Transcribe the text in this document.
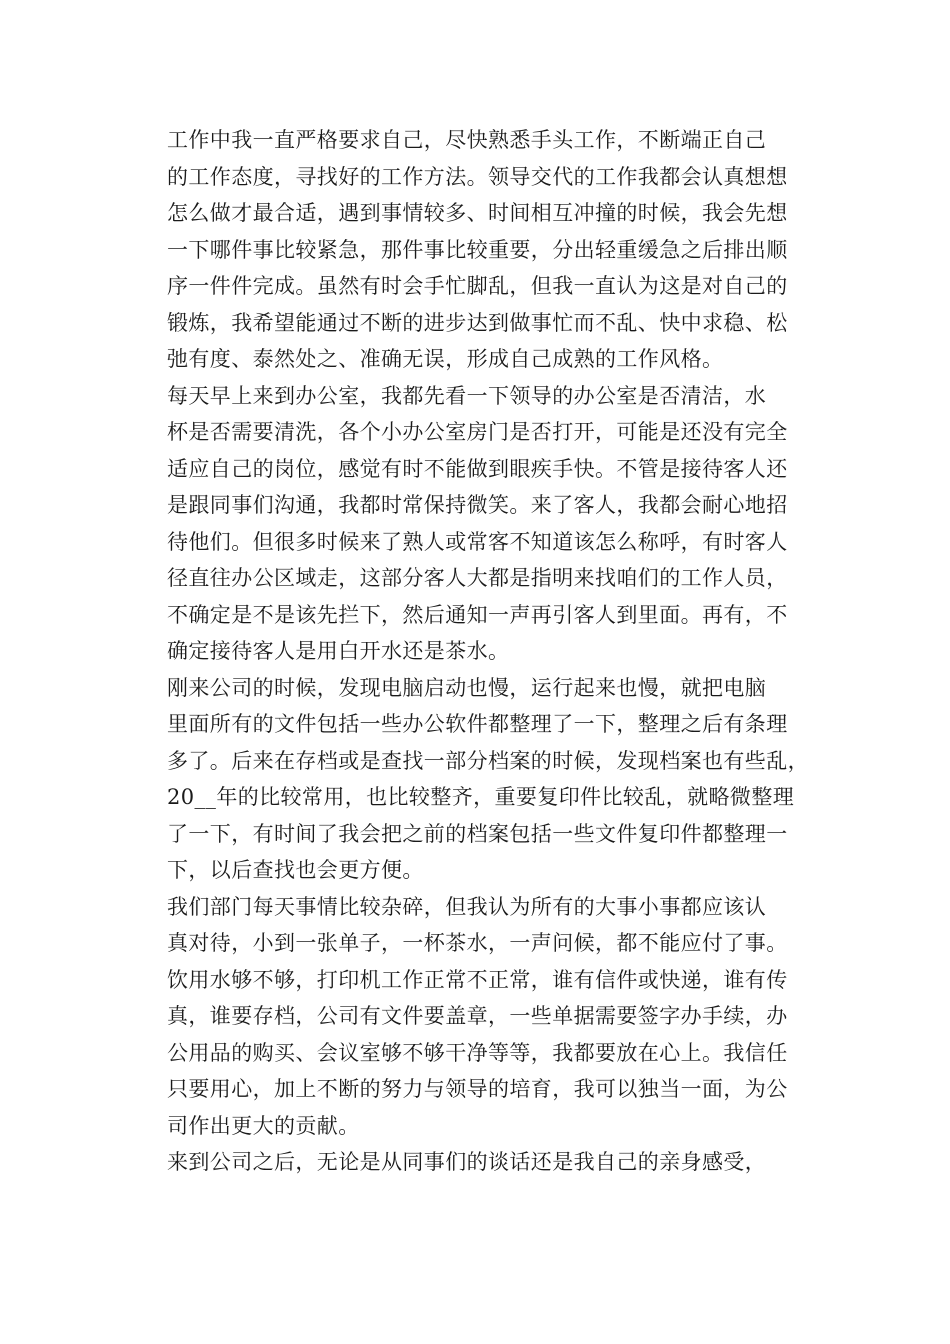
工作中我一直严格要求自己，尽快熟悉手头工作，不断端正自己
的工作态度，寻找好的工作方法。领导交代的工作我都会认真想想
怎么做才最合适，遇到事情较多、时间相互冲撞的时候，我会先想
一下哪件事比较紧急，那件事比较重要，分出轻重缓急之后排出顺
序一件件完成。虽然有时会手忙脚乱，但我一直认为这是对自己的
锻炼，我希望能通过不断的进步达到做事忙而不乱、快中求稳、松
弛有度、泰然处之、准确无误，形成自己成熟的工作风格。

每天早上来到办公室，我都先看一下领导的办公室是否清洁，水
杯是否需要清洗，各个小办公室房门是否打开，可能是还没有完全
适应自己的岗位，感觉有时不能做到眼疾手快。不管是接待客人还
是跟同事们沟通，我都时常保持微笑。来了客人，我都会耐心地招
待他们。但很多时候来了熟人或常客不知道该怎么称呼，有时客人
径直往办公区域走，这部分客人大都是指明来找咱们的工作人员，
不确定是不是该先拦下，然后通知一声再引客人到里面。再有，不
确定接待客人是用白开水还是茶水。

刚来公司的时候，发现电脑启动也慢，运行起来也慢，就把电脑
里面所有的文件包括一些办公软件都整理了一下，整理之后有条理
多了。后来在存档或是查找一部分档案的时候，发现档案也有些乱，
20__年的比较常用，也比较整齐，重要复印件比较乱，就略微整理
了一下，有时间了我会把之前的档案包括一些文件复印件都整理一
下，以后查找也会更方便。

我们部门每天事情比较杂碎，但我认为所有的大事小事都应该认
真对待，小到一张单子，一杯茶水，一声问候，都不能应付了事。
饮用水够不够，打印机工作正常不正常，谁有信件或快递，谁有传
真，谁要存档，公司有文件要盖章，一些单据需要签字办手续，办
公用品的购买、会议室够不够干净等等，我都要放在心上。我信任
只要用心，加上不断的努力与领导的培育，我可以独当一面，为公
司作出更大的贡献。

来到公司之后，无论是从同事们的谈话还是我自己的亲身感受，
